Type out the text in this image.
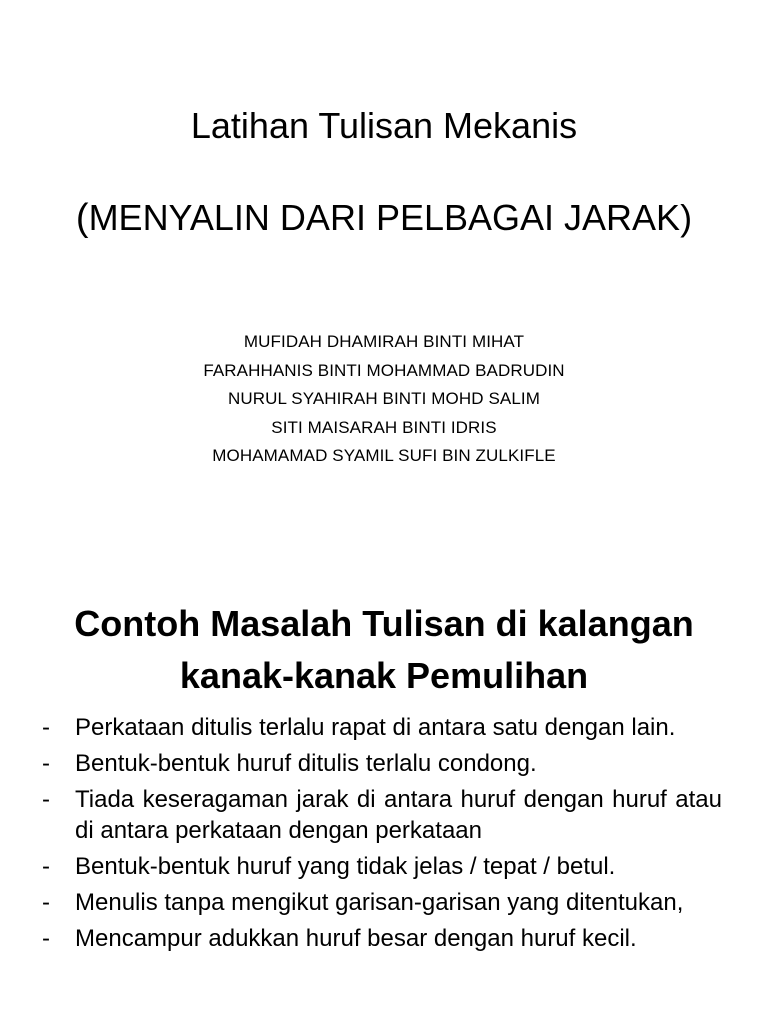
Latihan Tulisan Mekanis
(MENYALIN DARI PELBAGAI JARAK)
MUFIDAH DHAMIRAH BINTI MIHAT
FARAHHANIS BINTI MOHAMMAD BADRUDIN
NURUL SYAHIRAH BINTI MOHD SALIM
SITI MAISARAH BINTI IDRIS
MOHAMAMAD SYAMIL SUFI BIN ZULKIFLE
Contoh Masalah Tulisan di kalangan
kanak-kanak Pemulihan
- Perkataan ditulis terlalu rapat di antara satu dengan lain.
- Bentuk-bentuk huruf ditulis terlalu condong.
- Tiada keseragaman jarak di antara huruf dengan huruf atau di antara perkataan dengan perkataan
- Bentuk-bentuk huruf yang tidak jelas / tepat / betul.
- Menulis tanpa mengikut garisan-garisan yang ditentukan,
- Mencampur adukkan huruf besar dengan huruf kecil.
